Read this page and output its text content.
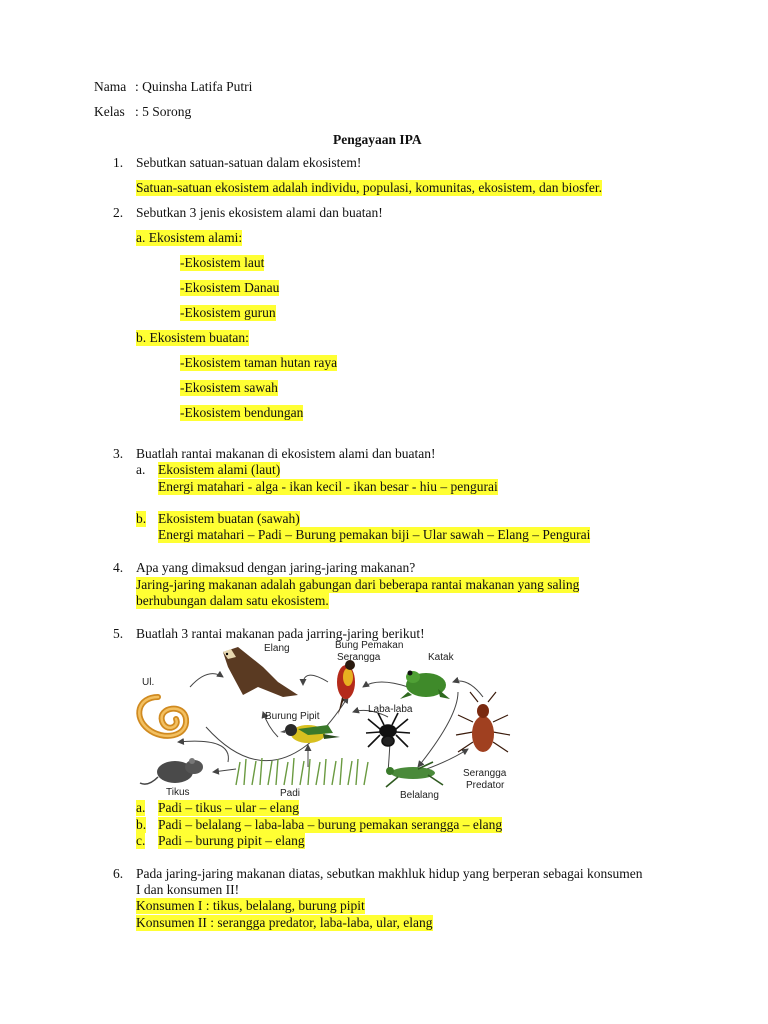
Nama : Quinsha Latifa Putri
Kelas : 5 Sorong
Pengayaan IPA
1. Sebutkan satuan-satuan dalam ekosistem!
Satuan-satuan ekosistem adalah individu, populasi, komunitas, ekosistem, dan biosfer.
2. Sebutkan 3 jenis ekosistem alami dan buatan!
a. Ekosistem alami:
-Ekosistem laut
-Ekosistem Danau
-Ekosistem gurun
b. Ekosistem buatan:
-Ekosistem taman hutan raya
-Ekosistem sawah
-Ekosistem bendungan
3. Buatlah rantai makanan di ekosistem alami dan buatan!
a. Ekosistem alami (laut)
Energi matahari - alga - ikan kecil - ikan besar - hiu – pengurai
b. Ekosistem buatan (sawah)
Energi matahari – Padi – Burung pemakan biji – Ular sawah – Elang – Pengurai
4. Apa yang dimaksud dengan jaring-jaring makanan?
Jaring-jaring makanan adalah gabungan dari beberapa rantai makanan yang saling
berhubungan dalam satu ekosistem.
5. Buatlah 3 rantai makanan pada jarring-jaring berikut!
Elang	Bung Pemakan
Serangga	Katak
Ul.
Burung Pipit
Laba-laba
Tikus	Padi	Belalang
Serangga
Predator
a. Padi – tikus – ular – elang
b. Padi – belalang – laba-laba – burung pemakan serangga – elang
c. Padi – burung pipit – elang
6. Pada jaring-jaring makanan diatas, sebutkan makhluk hidup yang berperan sebagai konsumen
I dan konsumen II!
Konsumen I : tikus, belalang, burung pipit
Konsumen II : serangga predator, laba-laba, ular, elang
